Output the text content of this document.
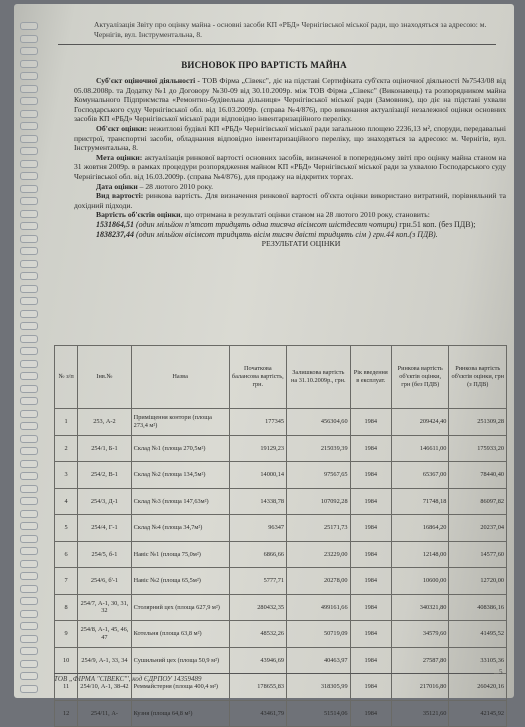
Актуалізація Звіту про оцінку майна - основні засоби КП «РБД» Чернігівської міської ради, що знаходяться за адресою: м. Чернігів, вул. Інструментальна, 8.
ВИСНОВОК ПРО ВАРТІСТЬ МАЙНА

Суб'єкт оціночної діяльності - ТОВ Фірма „Сівекс", діє на підставі Сертифіката суб'єкта оціночної діяльності №7543/08 від 05.08.2008р. та Додатку №1 до Договору №30-09 від 30.10.2009р. між ТОВ Фірма „Сівекс" (Виконавець) та розпорядником майна Комунального Підприємства «Ремонтно-будівельна дільниця» Чернігівської міської ради (Замовник), що діє на підставі ухвали Господарського суду Чернігівської обл. від 16.03.2009р. (справа №4/876), про виконання актуалізації незалежної оцінки основних засобів КП «РБД» Чернігівської міської ради відповідно інвентаризаційного переліку.

Об'єкт оцінки: нежитлові будівлі КП «РБД» Чернігівської міської ради загальною площею 2236,13 м², споруди, передавальні пристрої, транспортні засоби, обладнання відповідно інвентаризаційного переліку, що знаходяться за адресою: м. Чернігів, вул. Інструментальна, 8.

Мета оцінки: актуалізація ринкової вартості основних засобів, визначеної в попередньому звіті про оцінку майна станом на 31 жовтня 2009р. в рамках процедури розпорядження майном КП «РБД» Чернігівської міської ради за ухвалою Господарського суду Чернігівської обл. від 16.03.2009р. (справа №4/876), для продажу на відкритих торгах.

Дата оцінки – 28 лютого 2010 року.

Вид вартості: ринкова вартість. Для визначення ринкової вартості об'єкта оцінки використано витратний, порівняльний та дохідний підходи.

Вартість об'єктів оцінки, що отримана в результаті оцінки станом на 28 лютого 2010 року, становить:

1531864,51 (один мільйон п'ятсот тридцять одна тисяча вісімсот шістдесят чотири) грн.51 коп. (без ПДВ);

1838237,44 (один мільйон вісімсот тридцять вісім тисяч двісті тридцять сім ) грн.44 коп.(з ПДВ).

РЕЗУЛЬТАТИ ОЦІНКИ

№ з/п	Інв.№	Назва	Початкова балансова вартість, грн.	Залишкова вартість на 31.10.2009р., грн.	Рік введення в експлуат.	Ринкова вартість об'єктів оцінки, грн (без ПДВ)	Ринкова вартість об'єктів оцінки, грн (з ПДВ)
1	253, А-2	Приміщення контори (площа 273,4 м²)	177345	456304,60	1984	209424,40	251309,28
2	254/1, Б-1	Склад №1 (площа 270,5м²)	19129,23	215039,39	1984	146611,00	175933,20
3	254/2, В-1	Склад №2 (площа 134,5м²)	14000,14	97567,65	1984	65367,00	78440,40
4	254/3, Д-1	Склад №3 (площа 147,63м²)	14338,78	107092,28	1984	71748,18	86097,82
5	254/4, Г-1	Склад №4 (площа 34,7м²)	96347	25171,73	1984	16864,20	20237,04
6	254/5, б-1	Навіс №1 (площа 75,0м²)	6866,66	23229,00	1984	12148,00	14577,60
7	254/6, б'-1	Навіс №2 (площа 65,5м²)	5777,71	20278,00	1984	10600,00	12720,00
8	254/7, А-1, 30, 31, 32	Столярний цех (площа 627,9 м²)	280432,35	499161,66	1984	340321,80	408386,16
9	254/8, А-1, 45, 46, 47	Котельня (площа 63,8 м²)	48532,26	50719,09	1984	34579,60	41495,52
10	254/9, А-1, 33, 34	Сушильний цех (площа 50,9 м²)	43946,69	40463,97	1984	27587,80	33105,36
11	254/10, А-1, 38-42	Реммайстерня (площа 400,4 м²)	178655,83	318305,99	1984	217016,80	260420,16
12	254/11, А-	Кузня (площа 64,8 м²)	43461,79	51514,06	1984	35121,60	42145,92
5
ТОВ „ФІРМА "СІВЕКС"', код ЄДРПОУ 14359489
